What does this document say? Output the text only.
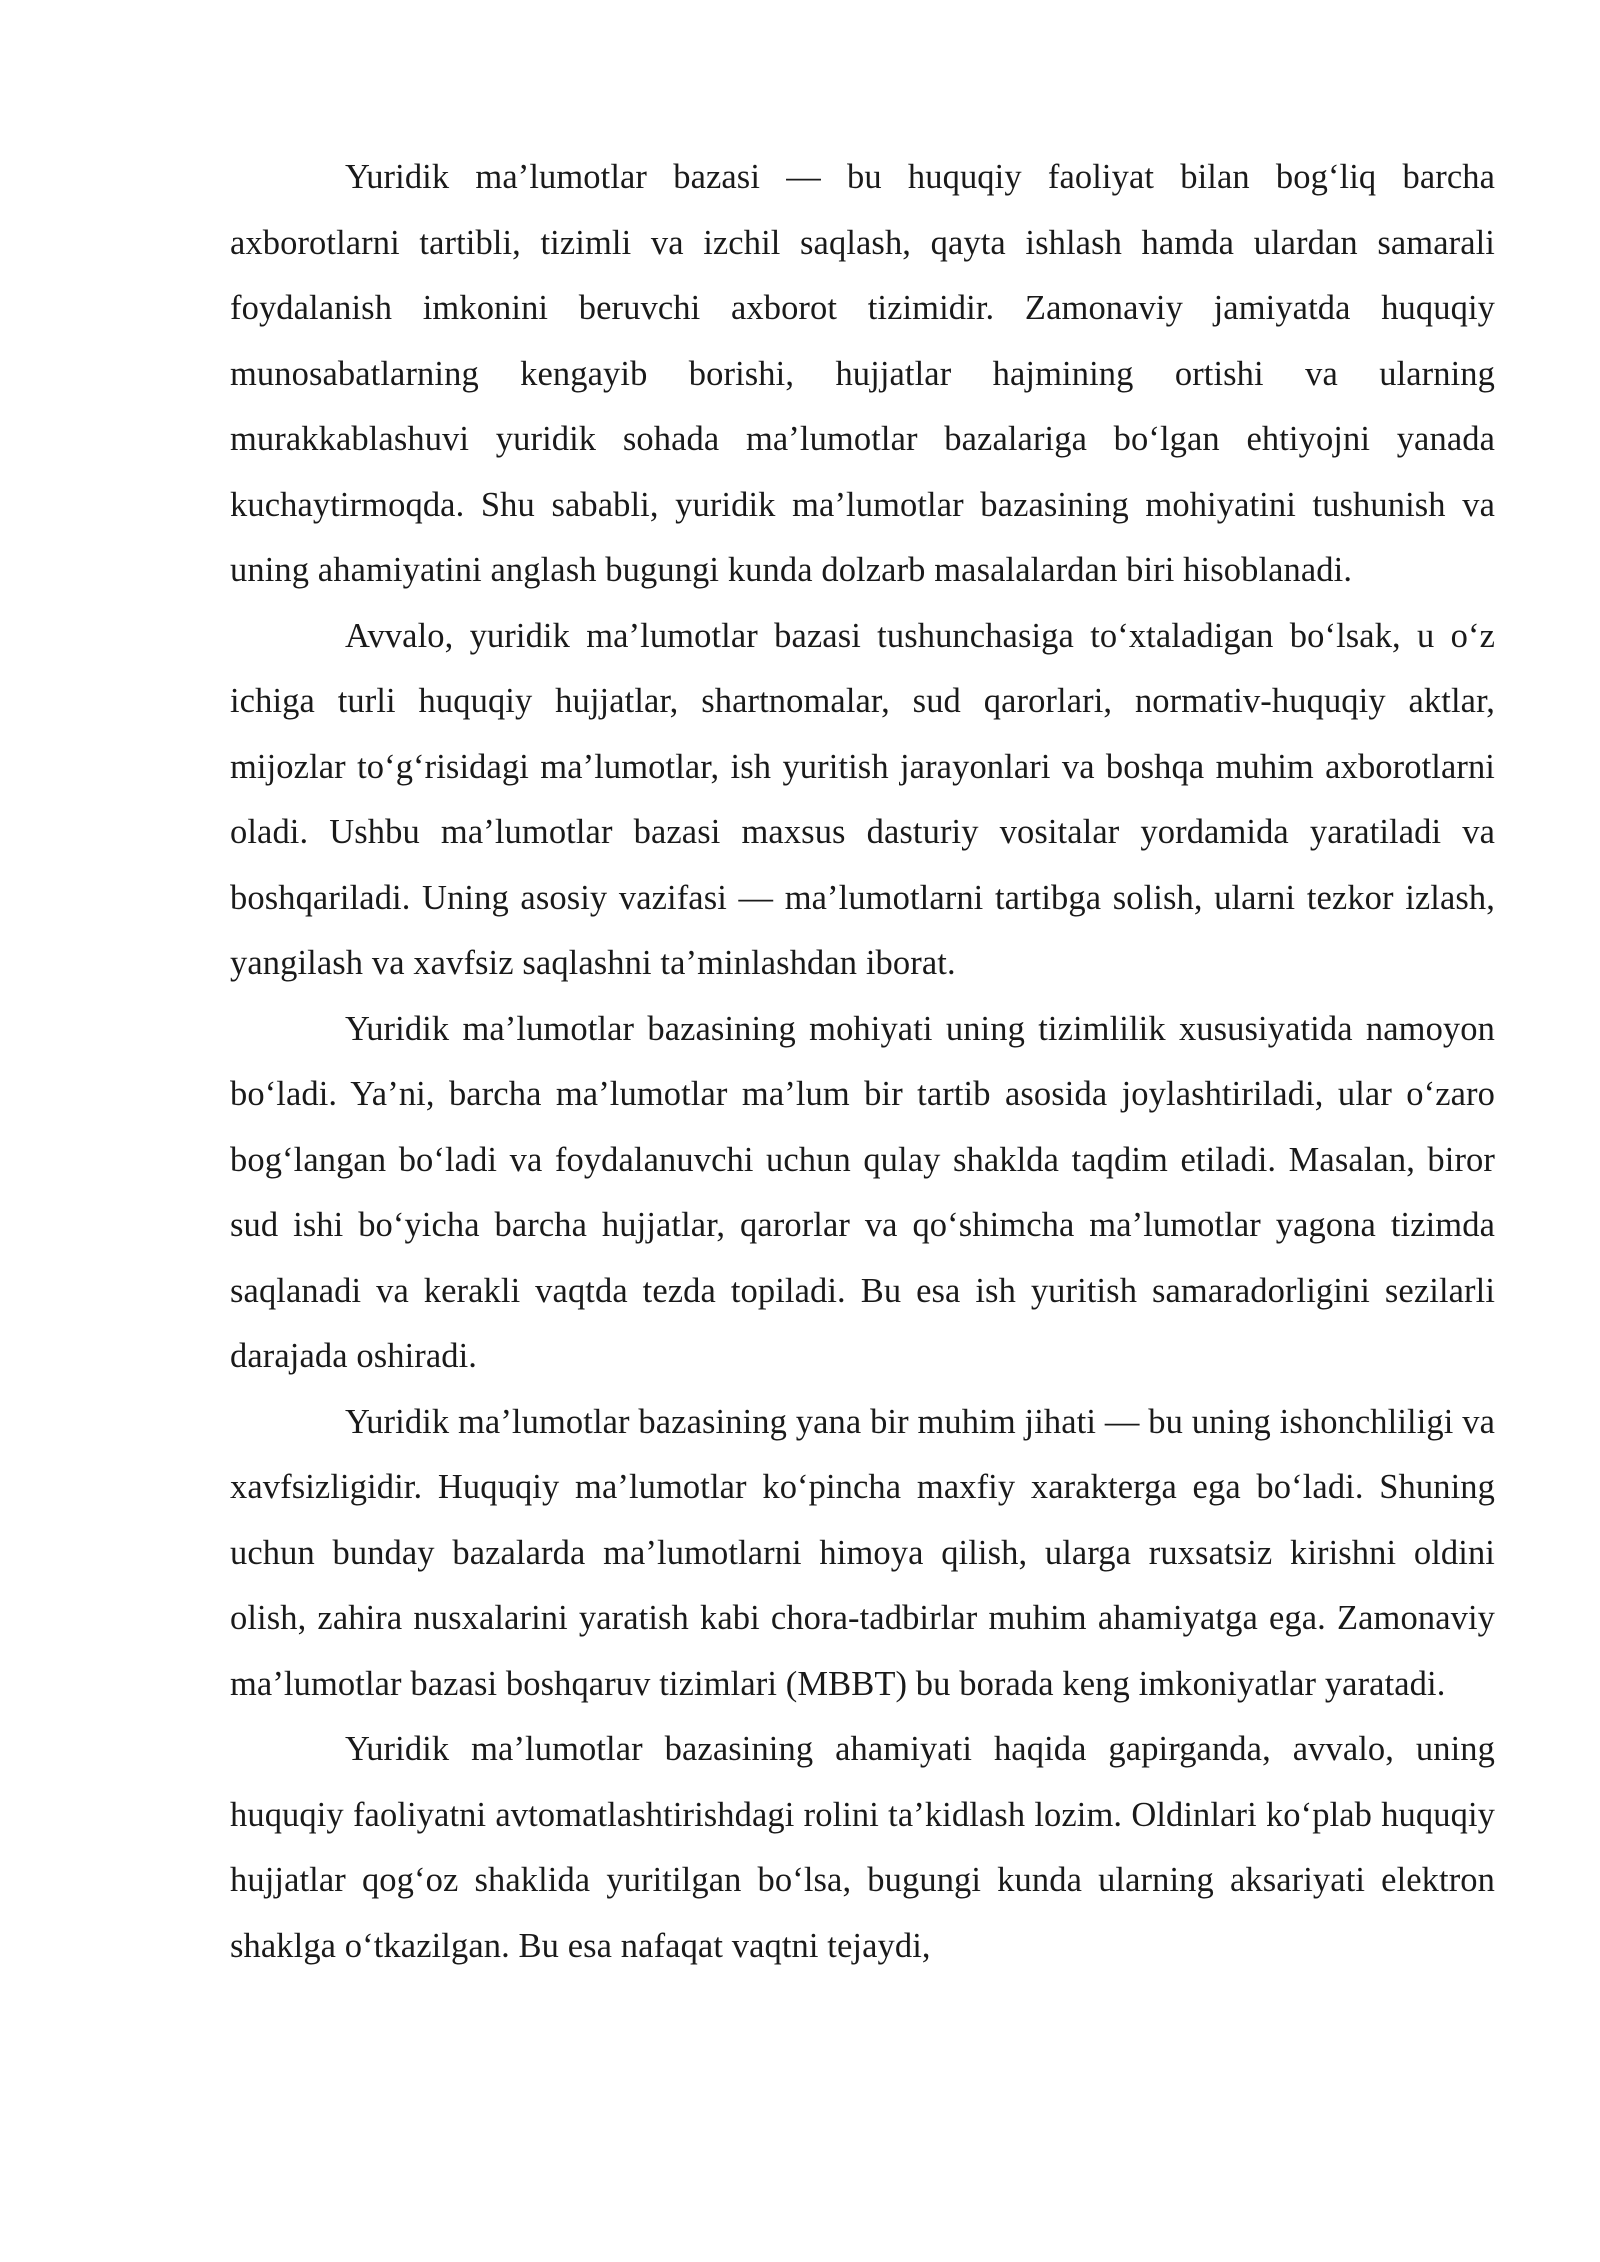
Yuridik ma’lumotlar bazasi — bu huquqiy faoliyat bilan bog‘liq barcha axborotlarni tartibli, tizimli va izchil saqlash, qayta ishlash hamda ulardan samarali foydalanish imkonini beruvchi axborot tizimidir. Zamonaviy jamiyatda huquqiy munosabatlarning kengayib borishi, hujjatlar hajmining ortishi va ularning murakkablashuvi yuridik sohada ma’lumotlar bazalariga bo‘lgan ehtiyojni yanada kuchaytirmoqda. Shu sababli, yuridik ma’lumotlar bazasining mohiyatini tushunish va uning ahamiyatini anglash bugungi kunda dolzarb masalalardan biri hisoblanadi.

Avvalo, yuridik ma’lumotlar bazasi tushunchasiga to‘xtaladigan bo‘lsak, u o‘z ichiga turli huquqiy hujjatlar, shartnomalar, sud qarorlari, normativ-huquqiy aktlar, mijozlar to‘g‘risidagi ma’lumotlar, ish yuritish jarayonlari va boshqa muhim axborotlarni oladi. Ushbu ma’lumotlar bazasi maxsus dasturiy vositalar yordamida yaratiladi va boshqariladi. Uning asosiy vazifasi — ma’lumotlarni tartibga solish, ularni tezkor izlash, yangilash va xavfsiz saqlashni ta’minlashdan iborat.

Yuridik ma’lumotlar bazasining mohiyati uning tizimlilik xususiyatida namoyon bo‘ladi. Ya’ni, barcha ma’lumotlar ma’lum bir tartib asosida joylashtiriladi, ular o‘zaro bog‘langan bo‘ladi va foydalanuvchi uchun qulay shaklda taqdim etiladi. Masalan, biror sud ishi bo‘yicha barcha hujjatlar, qarorlar va qo‘shimcha ma’lumotlar yagona tizimda saqlanadi va kerakli vaqtda tezda topiladi. Bu esa ish yuritish samaradorligini sezilarli darajada oshiradi.

Yuridik ma’lumotlar bazasining yana bir muhim jihati — bu uning ishonchliligi va xavfsizligidir. Huquqiy ma’lumotlar ko‘pincha maxfiy xarakterga ega bo‘ladi. Shuning uchun bunday bazalarda ma’lumotlarni himoya qilish, ularga ruxsatsiz kirishni oldini olish, zahira nusxalarini yaratish kabi chora-tadbirlar muhim ahamiyatga ega. Zamonaviy ma’lumotlar bazasi boshqaruv tizimlari (MBBT) bu borada keng imkoniyatlar yaratadi.

Yuridik ma’lumotlar bazasining ahamiyati haqida gapirganda, avvalo, uning huquqiy faoliyatni avtomatlashtirishdagi rolini ta’kidlash lozim. Oldinlari ko‘plab huquqiy hujjatlar qog‘oz shaklida yuritilgan bo‘lsa, bugungi kunda ularning aksariyati elektron shaklga o‘tkazilgan. Bu esa nafaqat vaqtni tejaydi,
